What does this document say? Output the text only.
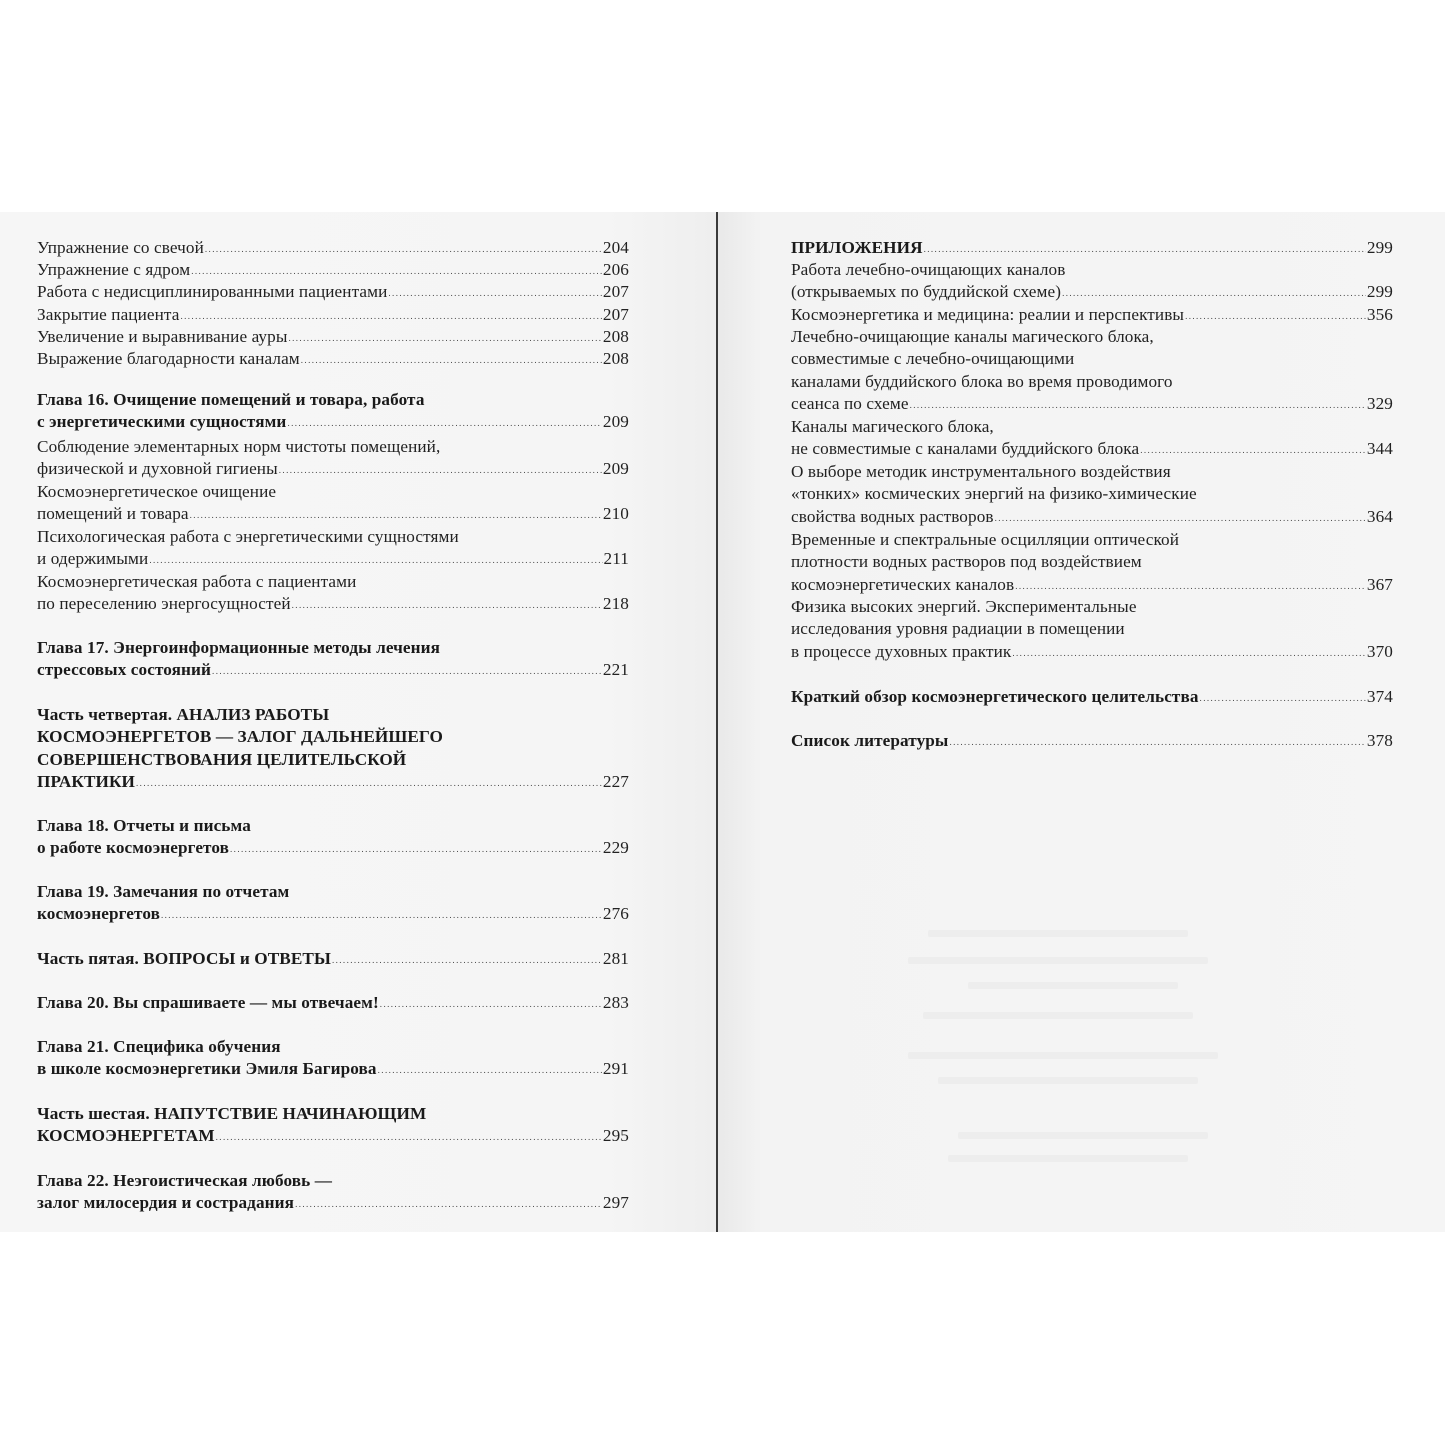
Упражнение со свечой .....	204
Упражнение с ядром .....	206
Работа с недисциплинированными пациентами .....	207
Закрытие пациента .....	207
Увеличение и выравнивание ауры .....	208
Выражение благодарности каналам .....	208
Глава 16. Очищение помещений и товара, работа
с энергетическими сущностями .....	209
Соблюдение элементарных норм чистоты помещений,
физической и духовной гигиены .....	209
Космоэнергетическое очищение
помещений и товара .....	210
Психологическая работа с энергетическими сущностями
и одержимыми .....	211
Космоэнергетическая работа с пациентами
по переселению энергосущностей .....	218
Глава 17. Энергоинформационные методы лечения
стрессовых состояний .....	221
Часть четвертая. АНАЛИЗ РАБОТЫ
КОСМОЭНЕРГЕТОВ — ЗАЛОГ ДАЛЬНЕЙШЕГО
СОВЕРШЕНСТВОВАНИЯ ЦЕЛИТЕЛЬСКОЙ
ПРАКТИКИ .....	227
Глава 18. Отчеты и письма
о работе космоэнергетов .....	229
Глава 19. Замечания по отчетам
космоэнергетов .....	276
Часть пятая. ВОПРОСЫ и ОТВЕТЫ .....	281
Глава 20. Вы спрашиваете — мы отвечаем! .....	283
Глава 21. Специфика обучения
в школе космоэнергетики Эмиля Багирова .....	291
Часть шестая. НАПУТСТВИЕ НАЧИНАЮЩИМ
КОСМОЭНЕРГЕТАМ .....	295
Глава 22. Неэгоистическая любовь —
залог милосердия и сострадания .....	297
ПРИЛОЖЕНИЯ .....	299
Работа лечебно-очищающих каналов
(открываемых по буддийской схеме) .....	299
Космоэнергетика и медицина: реалии и перспективы .....	356
Лечебно-очищающие каналы магического блока,
совместимые с лечебно-очищающими
каналами буддийского блока во время проводимого
сеанса по схеме .....	329
Каналы магического блока,
не совместимые с каналами буддийского блока .....	344
О выборе методик инструментального воздействия
«тонких» космических энергий на физико-химические
свойства водных растворов .....	364
Временные и спектральные осцилляции оптической
плотности водных растворов под воздействием
космоэнергетических каналов .....	367
Физика высоких энергий. Экспериментальные
исследования уровня радиации в помещении
в процессе духовных практик .....	370
Краткий обзор космоэнергетического целительства .....	374
Список литературы .....	378
